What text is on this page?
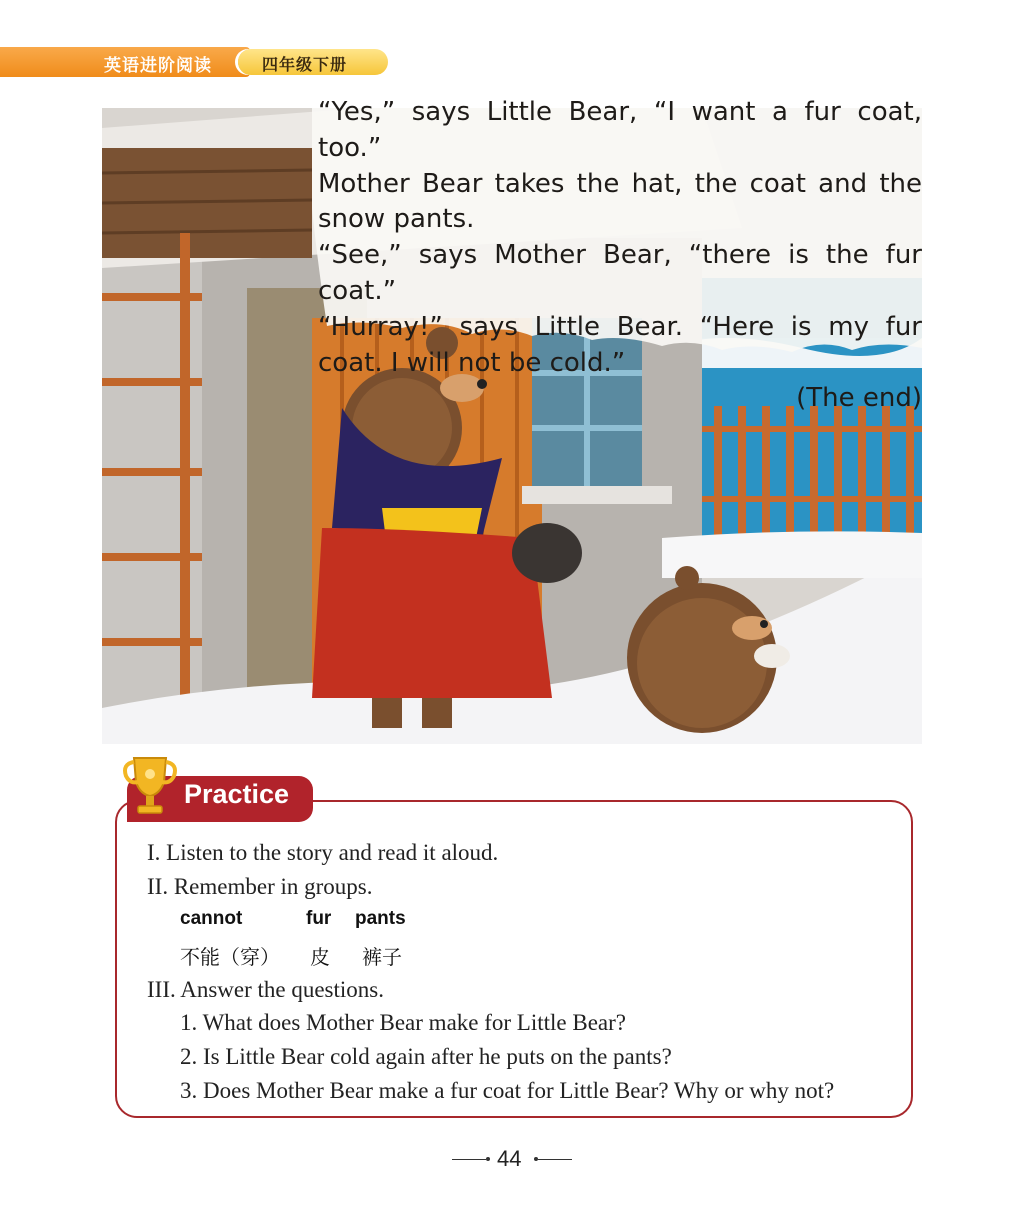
英语进阶阅读	四年级下册

“Yes,” says Little Bear, “I want a fur coat, too.”

Mother Bear takes the hat, the coat and the snow pants.

“See,” says Mother Bear, “there is the fur coat.”

“Hurray!” says Little Bear. “Here is my fur coat. I will not be cold.”

(The end)

Practice
I. Listen to the story and read it aloud.
II. Remember in groups.
cannot	fur pants
不能（穿） 皮 裤子
III. Answer the questions.
1. What does Mother Bear make for Little Bear?
2. Is Little Bear cold again after he puts on the pants?
3. Does Mother Bear make a fur coat for Little Bear? Why or why not?
44
